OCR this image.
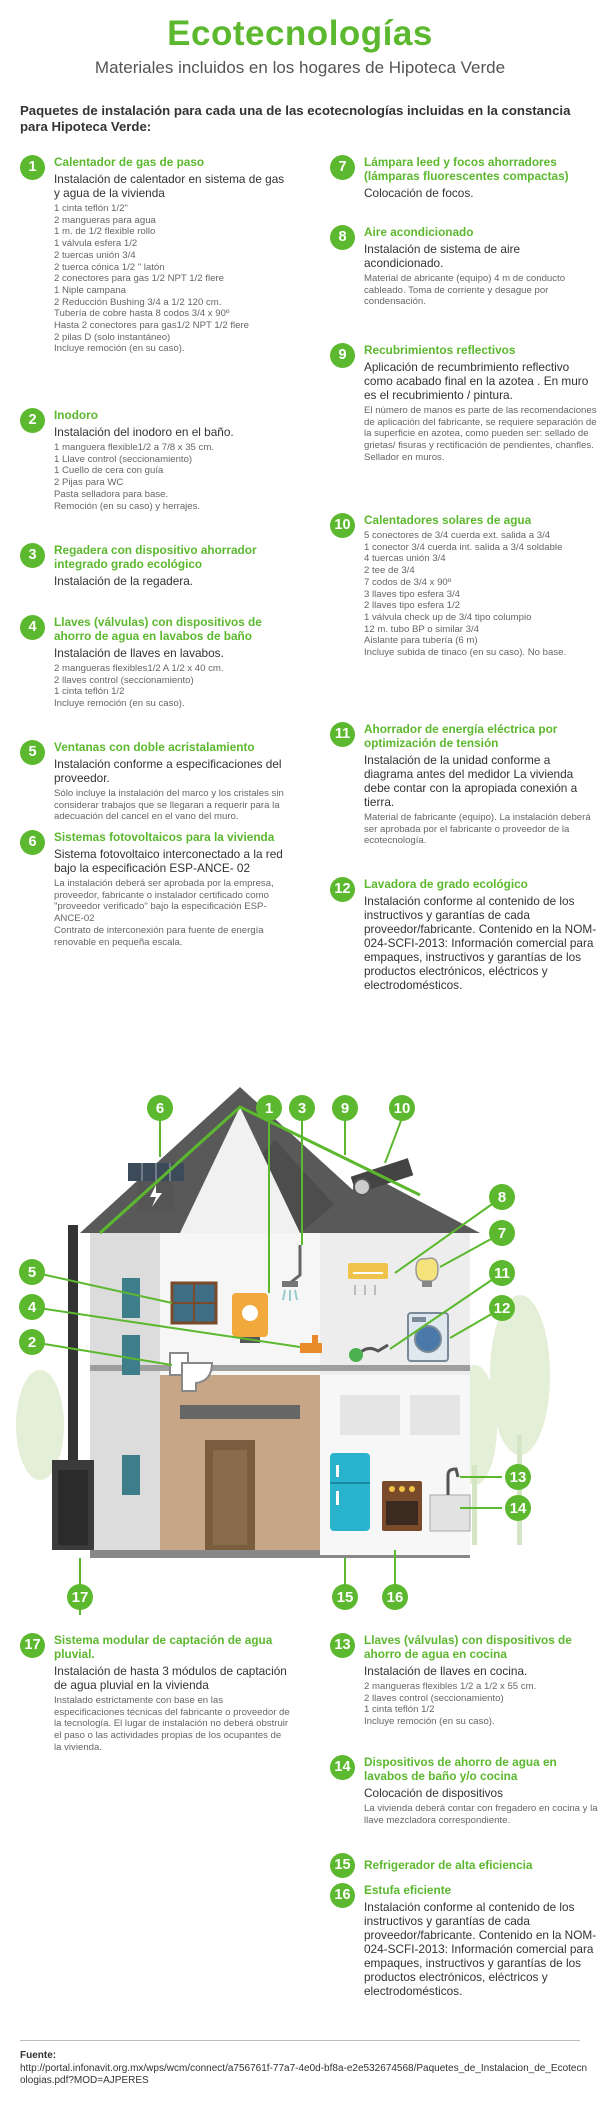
Ecotecnologías
Materiales incluidos en los hogares de Hipoteca Verde
Paquetes de instalación para cada una de las ecotecnologías incluidas en la constancia para Hipoteca Verde:
1	Calentador de gas de paso
Instalación de calentador en sistema de gas y agua de la vivienda
1 cinta teflón 1/2"
2 mangueras para agua
1 m. de 1/2 flexible rollo
1 válvula esfera 1/2
2 tuercas unión 3/4
2 tuerca cónica 1/2 " latón
2 conectores para gas 1/2 NPT 1/2 flere
1 Niple campana
2 Reducción Bushing 3/4 a 1/2 120 cm.
Tubería de cobre hasta 8 codos 3/4 x 90º
Hasta 2 conectores para gas1/2 NPT 1/2 flere
2 pilas D (solo instantáneo)
Incluye remoción (en su caso).
2	Inodoro
Instalación del inodoro en el baño.
1 manguera flexible1/2 a 7/8 x 35 cm.
1 Llave control (seccionamiento)
1 Cuello de cera con guía
2 Pijas para WC
Pasta selladora para base.
Remoción (en su caso) y herrajes.
3	Regadera con dispositivo ahorrador integrado grado ecológico
Instalación de la regadera.
4	Llaves (válvulas) con dispositivos de ahorro de agua en lavabos de baño
Instalación de llaves en lavabos.
2 mangueras flexibles1/2 A 1/2 x 40 cm.
2 llaves control (seccionamiento)
1 cinta teflón 1/2
Incluye remoción (en su caso).
5	Ventanas con doble acristalamiento
Instalación conforme a especificaciones del proveedor.
Sólo incluye la instalación del marco y los cristales sin considerar trabajos que se llegaran a requerir para la adecuación del cancel en el vano del muro.
6	Sistemas fotovoltaicos para la vivienda
Sistema fotovoltaico interconectado a la red bajo la especificación ESP-ANCE- 02
La instalación deberá ser aprobada por la empresa, proveedor, fabricante o instalador certificado como "proveedor verificado" bajo la especificación ESP-ANCE-02
Contrato de interconexión para fuente de energía renovable en pequeña escala.
7	Lámpara leed y focos ahorradores (lámparas fluorescentes compactas)
Colocación de focos.
8	Aire acondicionado
Instalación de sistema de aire acondicionado.
Material de abricante (equipo) 4 m de conducto cableado. Toma de corriente y desague por condensación.
9	Recubrimientos reflectivos
Aplicación de recumbrimiento reflectivo como acabado final en la azotea . En muro es el recubrimiento / pintura.
El número de manos es parte de las recomendaciones de aplicación del fabricante, se requiere separación de la superficie en azotea, como pueden ser: sellado de grietas/ fisuras y rectificación de pendientes, chanfles. Sellador en muros.
10	Calentadores solares de agua
5 conectores de 3/4 cuerda ext. salida a 3/4
1 conector 3/4 cuerda int. salida a 3/4 soldable
4 tuercas unión 3/4
2 tee de 3/4
7 codos de 3/4 x 90º
3 llaves tipo esfera 3/4
2 llaves tipo esfera 1/2
1 válvula check up de 3/4 tipo columpio
12 m. tubo BP o similar 3/4
Aislante para tubería (6 m)
Incluye subida de tinaco (en su caso). No base.
11	Ahorrador de energía eléctrica por optimización de tensión
Instalación de la unidad conforme a diagrama antes del medidor La vivienda debe contar con la apropiada conexión a tierra.
Material de fabricante (equipo). La instalación deberá ser aprobada por el fabricante o proveedor de la ecotecnología.
12	Lavadora de grado ecológico
Instalación conforme al contenido de los instructivos y garantías de cada proveedor/fabricante. Contenido en la NOM-024-SCFI-2013: Información comercial para empaques, instructivos y garantías de los productos electrónicos, eléctricos y electrodomésticos.
17	Sistema modular de captación de agua pluvial.
Instalación de hasta 3 módulos de captación de agua pluvial en la vivienda
Instalado estrictamente con base en las especificaciones técnicas del fabricante o proveedor de la tecnología. El lugar de instalación no deberá obstruir el paso o las actividades propias de los ocupantes de la vivienda.
13	Llaves (válvulas) con dispositivos de ahorro de agua en cocina
Instalación de llaves en cocina.
2 mangueras flexibles 1/2 a 1/2 x 55 cm.
2 llaves control (seccionamiento)
1 cinta teflón 1/2
Incluye remoción (en su caso).
14	Dispositivos de ahorro de agua en lavabos de baño y/o cocina
Colocación de dispositivos
La vivienda deberá contar con fregadero en cocina y la llave mezcladora correspondiente.
15	Refrigerador de alta eficiencia
16	Estufa eficiente
Instalación conforme al contenido de los instructivos y garantías de cada proveedor/fabricante. Contenido en la NOM-024-SCFI-2013: Información comercial para empaques, instructivos y garantías de los productos electrónicos, eléctricos y electrodomésticos.
6	1 3 9	10
8
7
11
12
13
14
5
4
2
15 16
17
Fuente:
http://portal.infonavit.org.mx/wps/wcm/connect/a756761f-77a7-4e0d-bf8a-e2e532674568/Paquetes_de_Instalacion_de_Ecotecnologias.pdf?MOD=AJPERES
